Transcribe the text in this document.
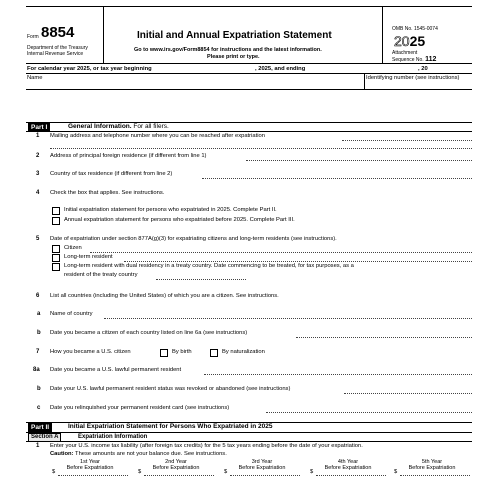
Form 8854
Department of the Treasury
Internal Revenue Service
Initial and Annual Expatriation Statement
Go to www.irs.gov/Form8854 for instructions and the latest information.
Please print or type.
OMB No. 1545-0074
2025
Attachment
Sequence No. 112
For calendar year 2025, or tax year beginning	, 2025, and ending	, 20
Name	Identifying number (see instructions)
Part I	General Information. For all filers.
1 Mailing address and telephone number where you can be reached after expatriation
2 Address of principal foreign residence (if different from line 1)
3 Country of tax residence (if different from line 2)
4 Check the box that applies. See instructions.
Initial expatriation statement for persons who expatriated in 2025. Complete Part II.
Annual expatriation statement for persons who expatriated before 2025. Complete Part III.
5 Date of expatriation under section 877A(g)(3) for expatriating citizens and long-term residents (see instructions).
Citizen
Long-term resident
Long-term resident with dual residency in a treaty country. Date commencing to be treated, for tax purposes, as a
resident of the treaty country
6 List all countries (including the United States) of which you are a citizen. See instructions.
a Name of country
b Date you became a citizen of each country listed on line 6a (see instructions)
7 How you became a U.S. citizen	By birth	By naturalization
8a Date you became a U.S. lawful permanent resident
b Date your U.S. lawful permanent resident status was revoked or abandoned (see instructions)
c Date you relinquished your permanent resident card (see instructions)
Part II	Initial Expatriation Statement for Persons Who Expatriated in 2025
Section A	Expatriation Information
1 Enter your U.S. income tax liability (after foreign tax credits) for the 5 tax years ending before the date of your expatriation.
Caution: These amounts are not your balance due. See instructions.
1st Year
Before Expatriation
2nd Year
Before Expatriation
3rd Year
Before Expatriation
4th Year
Before Expatriation
5th Year
Before Expatriation
$	$	$	$	$
